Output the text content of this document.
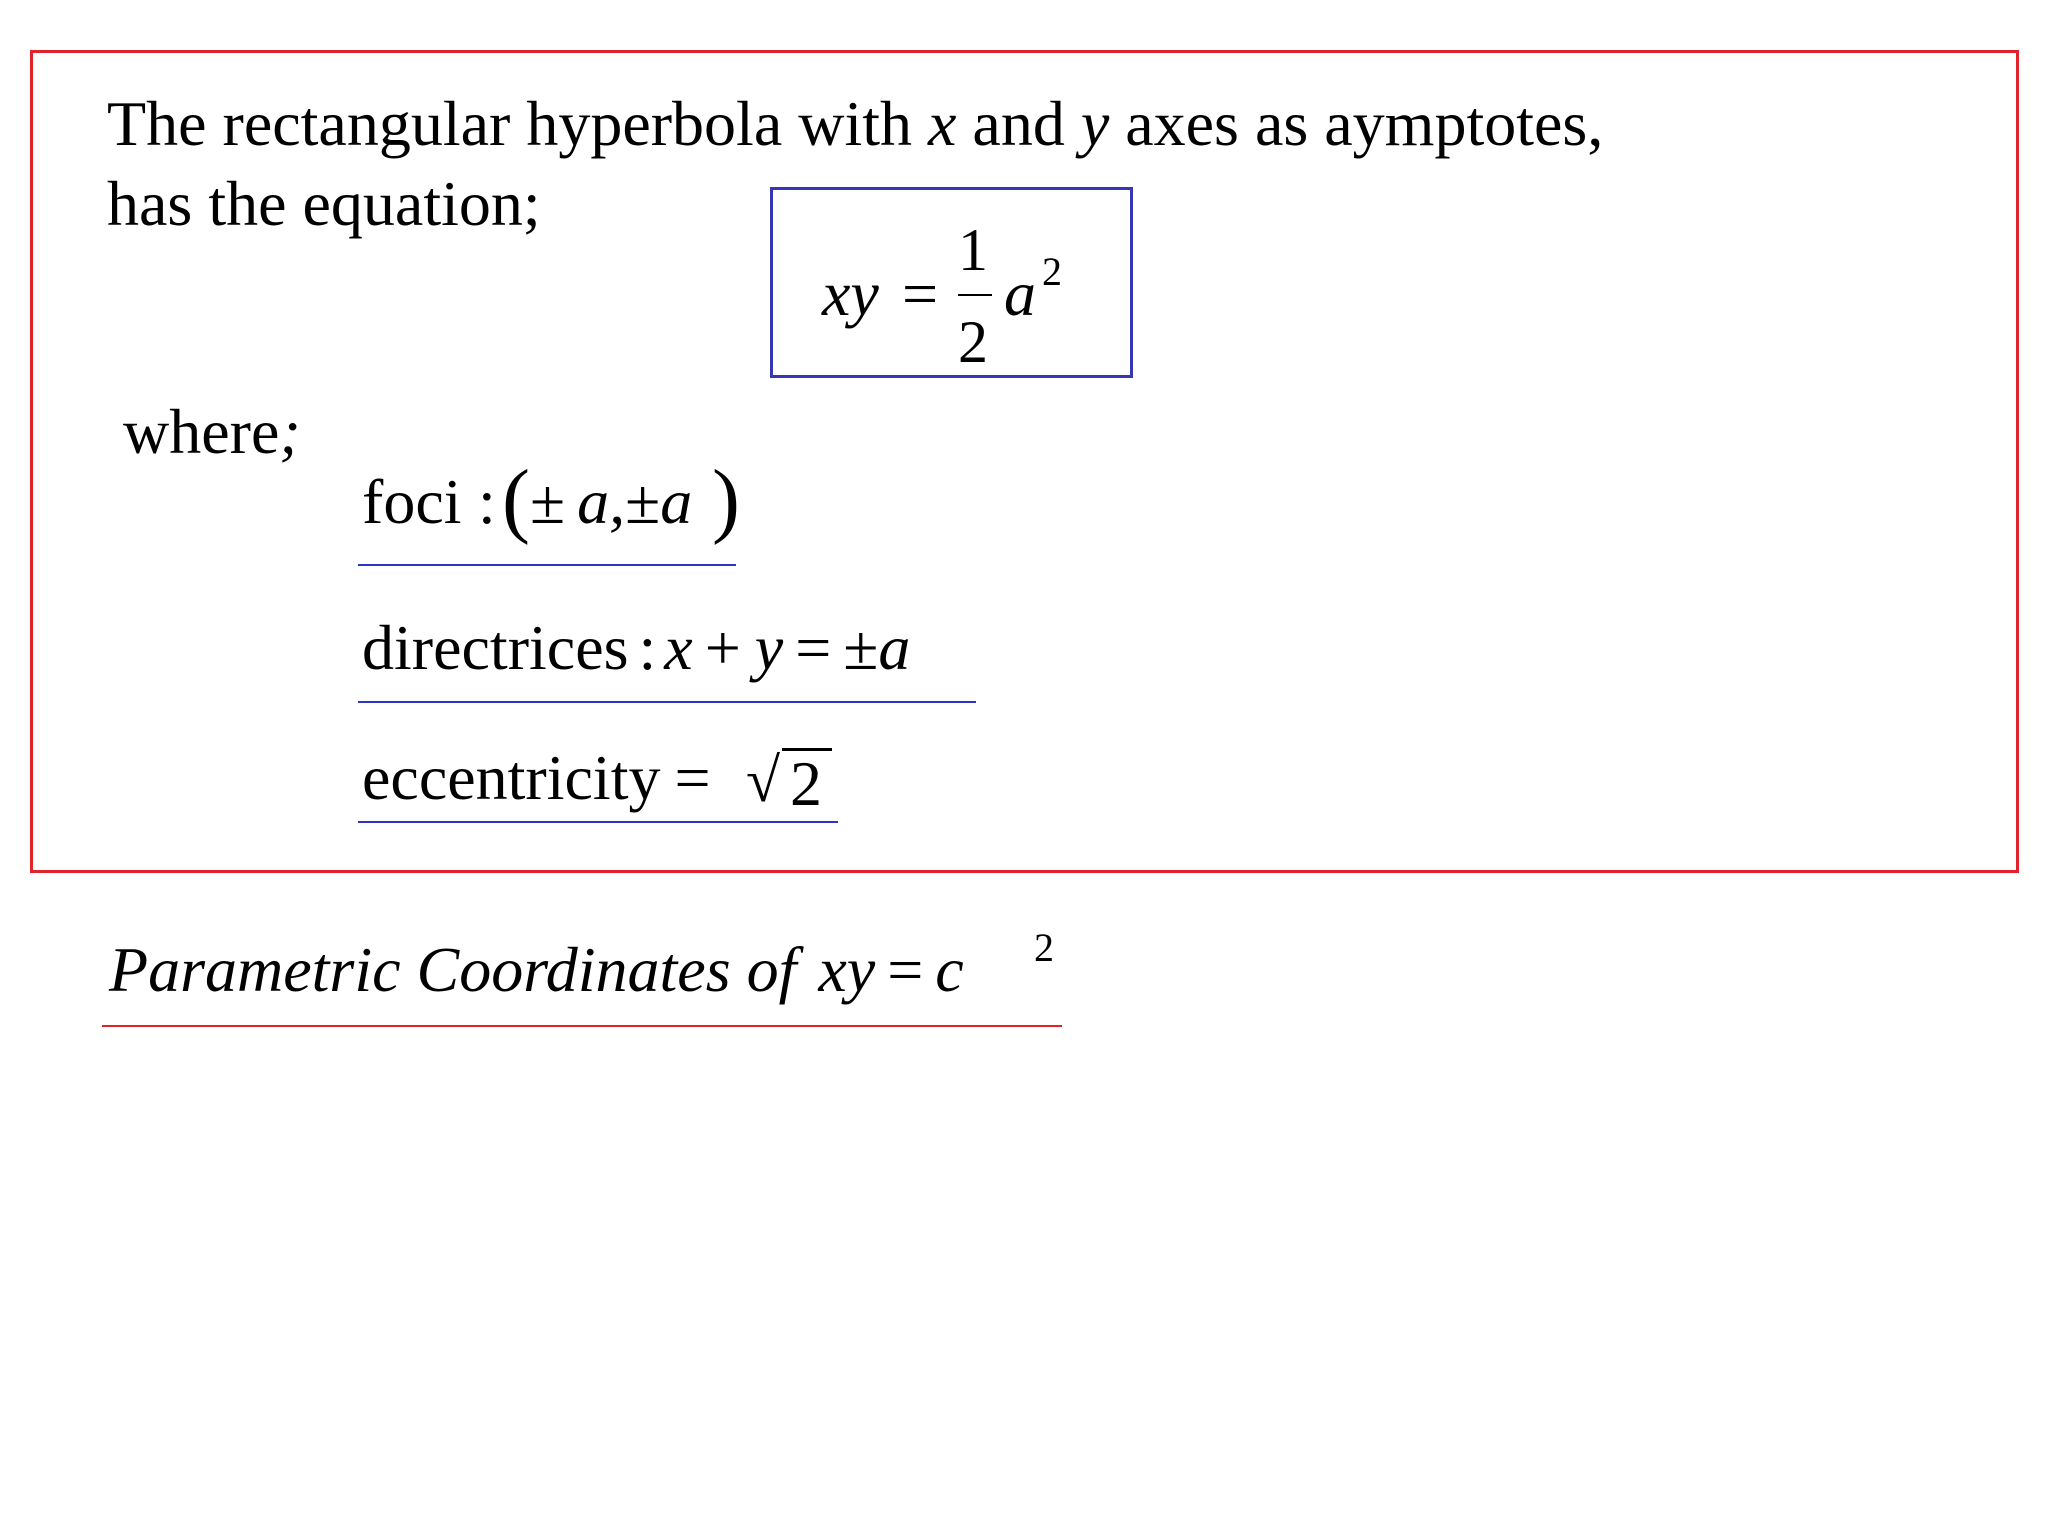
The rectangular hyperbola with x and y axes as aymptotes,
has the equation;
xy =
1
2
a 2
where;
foci : ( ± a,±a )
directrices : x + y = ±a
eccentricity = √ 2
Parametric Coordinates of xy = c 2
